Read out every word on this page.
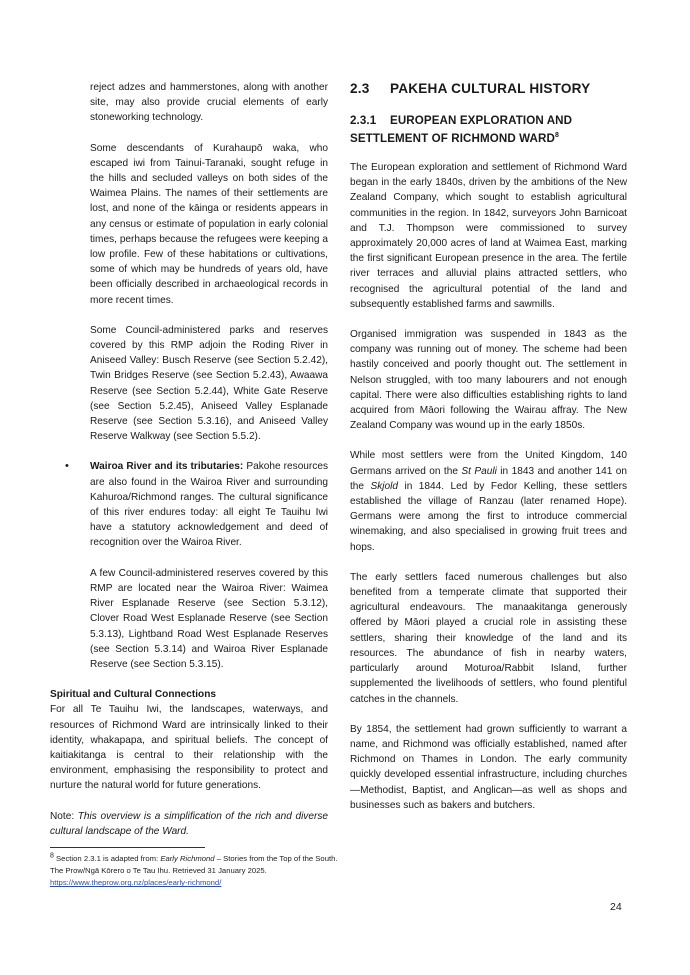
reject adzes and hammerstones, along with another site, may also provide crucial elements of early stoneworking technology.

Some descendants of Kurahaupō waka, who escaped iwi from Tainui-Taranaki, sought refuge in the hills and secluded valleys on both sides of the Waimea Plains. The names of their settlements are lost, and none of the kāinga or residents appears in any census or estimate of population in early colonial times, perhaps because the refugees were keeping a low profile. Few of these habitations or cultivations, some of which may be hundreds of years old, have been officially described in archaeological records in more recent times.

Some Council-administered parks and reserves covered by this RMP adjoin the Roding River in Aniseed Valley: Busch Reserve (see Section 5.2.42), Twin Bridges Reserve (see Section 5.2.43), Awaawa Reserve (see Section 5.2.44), White Gate Reserve (see Section 5.2.45), Aniseed Valley Esplanade Reserve (see Section 5.3.16), and Aniseed Valley Reserve Walkway (see Section 5.5.2).

• Wairoa River and its tributaries: Pakohe resources are also found in the Wairoa River and surrounding Kahuroa/Richmond ranges. The cultural significance of this river endures today: all eight Te Tauihu Iwi have a statutory acknowledgement and deed of recognition over the Wairoa River.

A few Council-administered reserves covered by this RMP are located near the Wairoa River: Waimea River Esplanade Reserve (see Section 5.3.12), Clover Road West Esplanade Reserve (see Section 5.3.13), Lightband Road West Esplanade Reserves (see Section 5.3.14) and Wairoa River Esplanade Reserve (see Section 5.3.15).

Spiritual and Cultural Connections

For all Te Tauihu Iwi, the landscapes, waterways, and resources of Richmond Ward are intrinsically linked to their identity, whakapapa, and spiritual beliefs. The concept of kaitiakitanga is central to their relationship with the environment, emphasising the responsibility to protect and nurture the natural world for future generations.

Note: This overview is a simplification of the rich and diverse cultural landscape of the Ward.

2.3 PAKEHA CULTURAL HISTORY

2.3.1 EUROPEAN EXPLORATION AND SETTLEMENT OF RICHMOND WARD$^8$

The European exploration and settlement of Richmond Ward began in the early 1840s, driven by the ambitions of the New Zealand Company, which sought to establish agricultural communities in the region. In 1842, surveyors John Barnicoat and T.J. Thompson were commissioned to survey approximately 20,000 acres of land at Waimea East, marking the first significant European presence in the area. The fertile river terraces and alluvial plains attracted settlers, who recognised the agricultural potential of the land and subsequently established farms and sawmills.

Organised immigration was suspended in 1843 as the company was running out of money. The scheme had been hastily conceived and poorly thought out. The settlement in Nelson struggled, with too many labourers and not enough capital. There were also difficulties establishing rights to land acquired from Māori following the Wairau affray. The New Zealand Company was wound up in the early 1850s.

While most settlers were from the United Kingdom, 140 Germans arrived on the St Pauli in 1843 and another 141 on the Skjold in 1844. Led by Fedor Kelling, these settlers established the village of Ranzau (later renamed Hope). Germans were among the first to introduce commercial winemaking, and also specialised in growing fruit trees and hops.

The early settlers faced numerous challenges but also benefited from a temperate climate that supported their agricultural endeavours. The manaakitanga generously offered by Māori played a crucial role in assisting these settlers, sharing their knowledge of the land and its resources. The abundance of fish in nearby waters, particularly around Moturoa/Rabbit Island, further supplemented the livelihoods of settlers, who found plentiful catches in the channels.

By 1854, the settlement had grown sufficiently to warrant a name, and Richmond was officially established, named after Richmond on Thames in London. The early community quickly developed essential infrastructure, including churches—Methodist, Baptist, and Anglican—as well as shops and businesses such as bakers and butchers.

8 Section 2.3.1 is adapted from: Early Richmond – Stories from the Top of the South. The Prow/Ngā Kōrero o Te Tau Ihu. Retrieved 31 January 2025.
https://www.theprow.org.nz/places/early-richmond/
24
